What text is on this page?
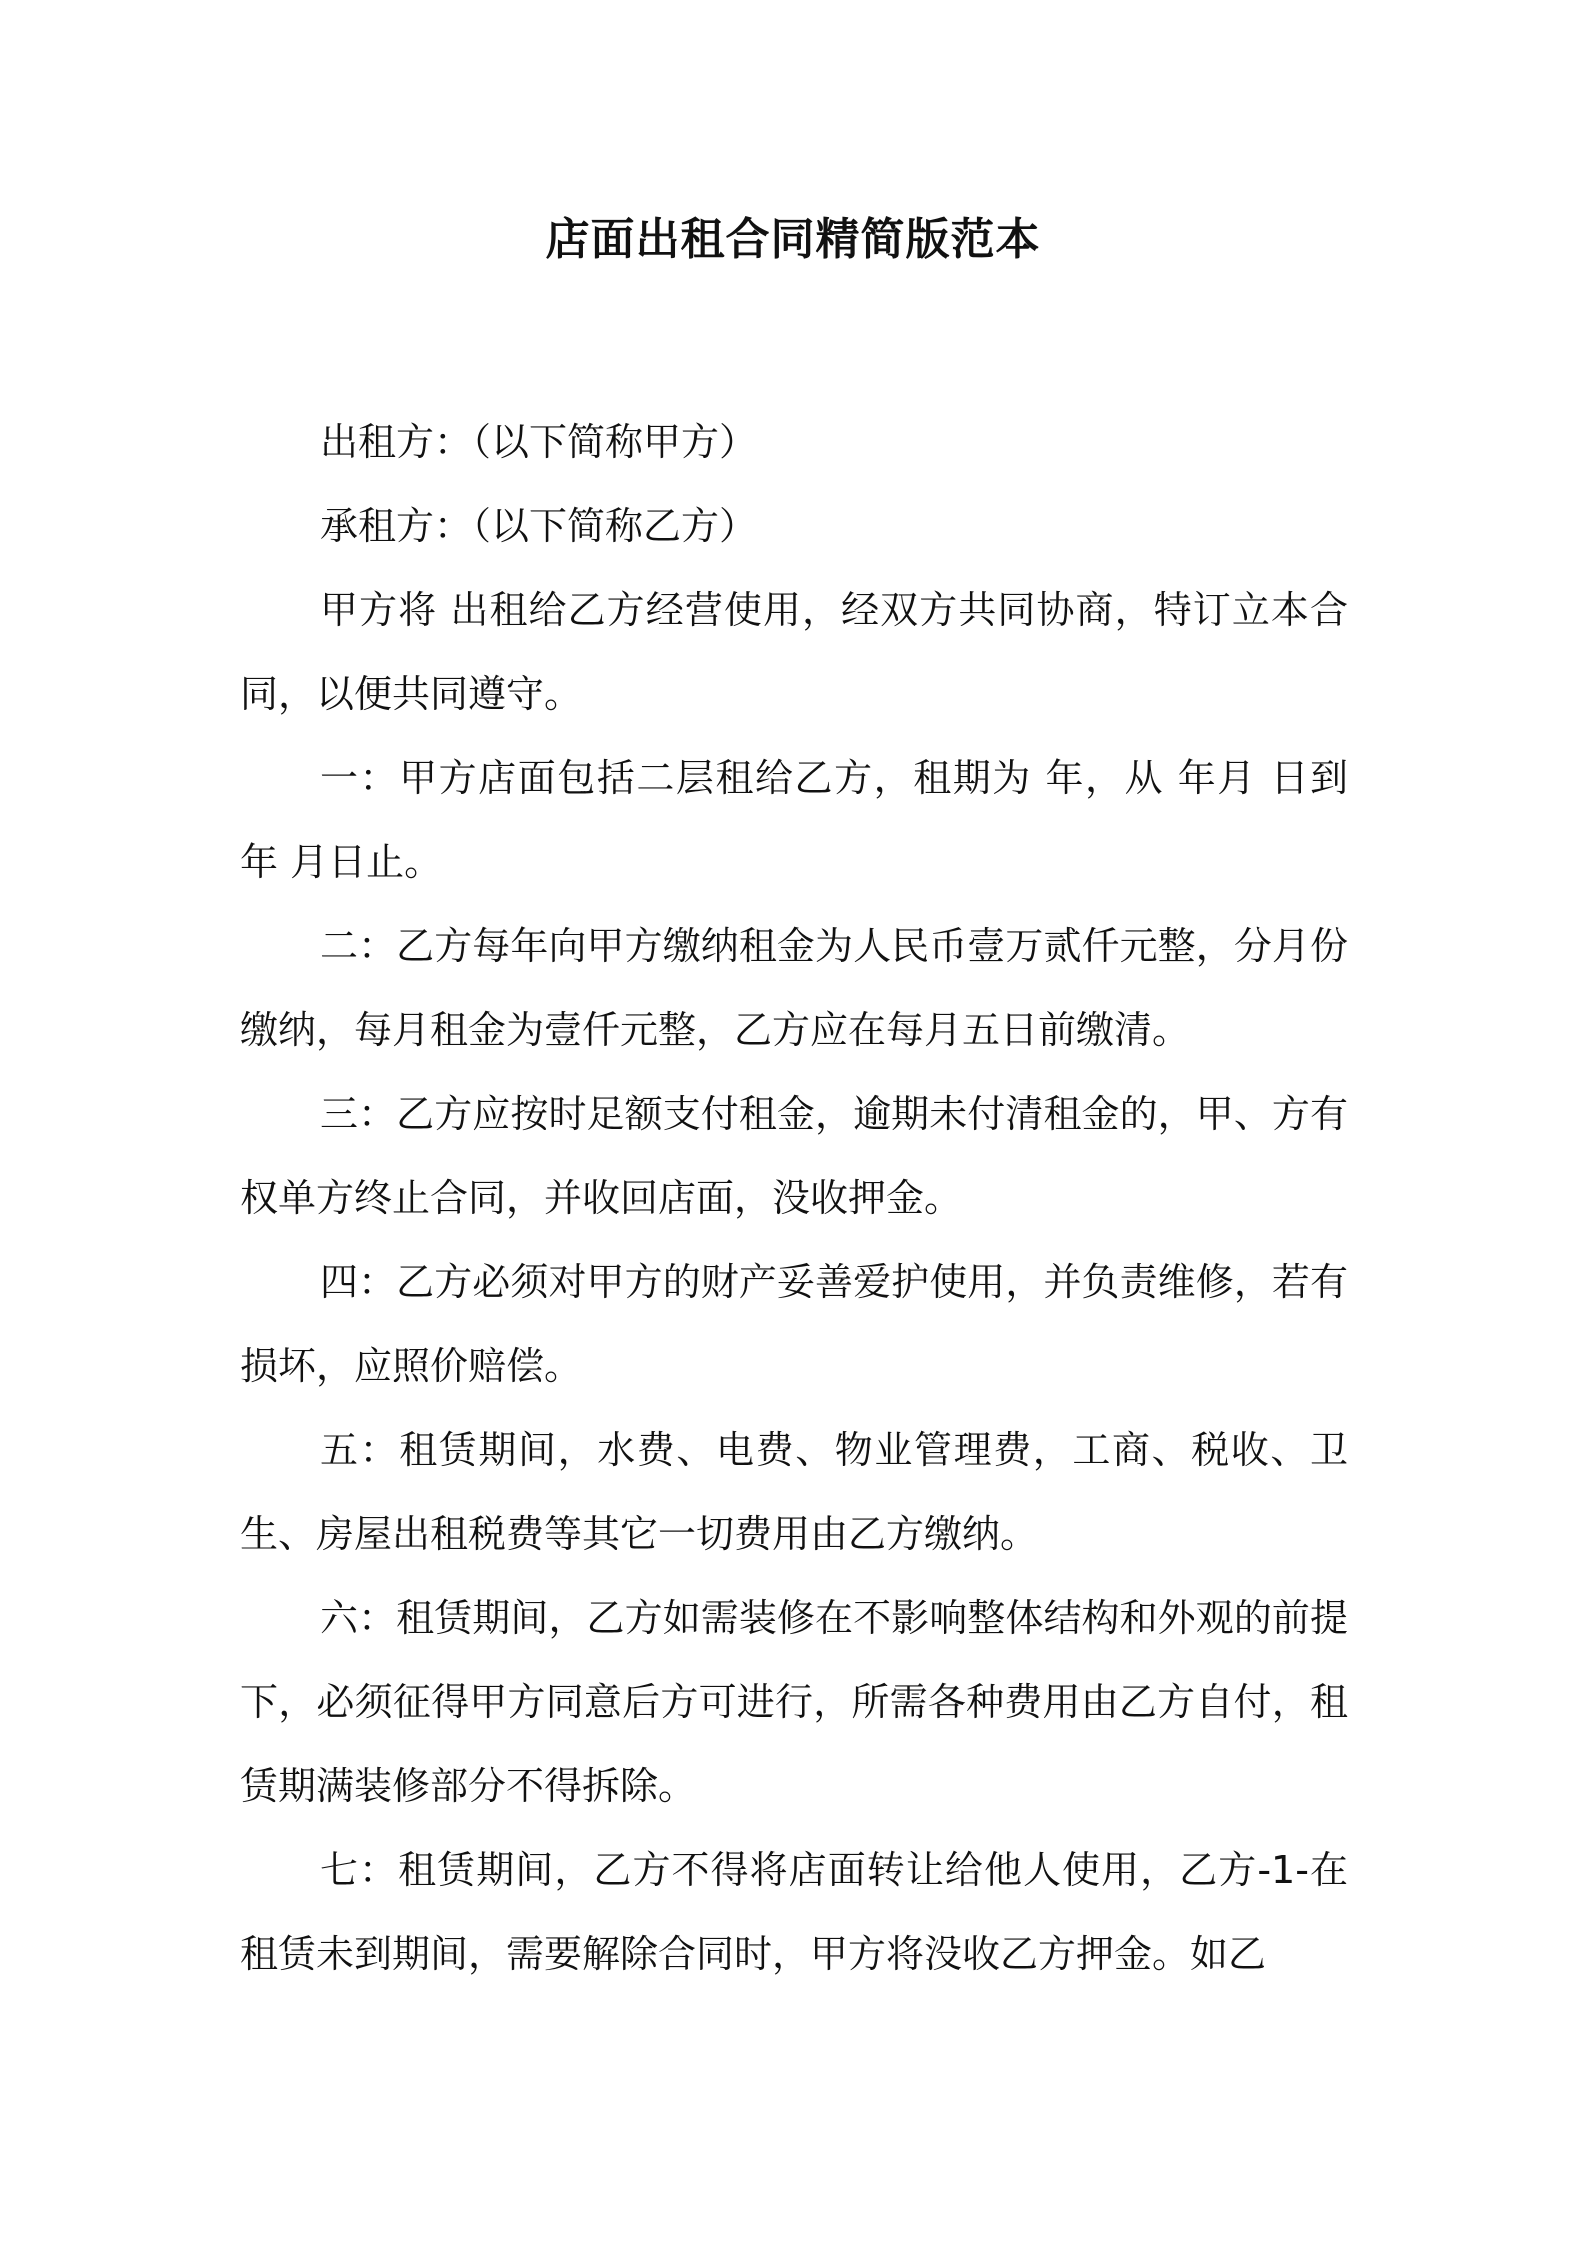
店面出租合同精简版范本

出租方：（以下简称甲方）

承租方：（以下简称乙方）

甲方将 出租给乙方经营使用，经双方共同协商，特订立本合同，以便共同遵守。

一：甲方店面包括二层租给乙方，租期为 年，从 年月 日到 年 月日止。

二：乙方每年向甲方缴纳租金为人民币壹万贰仟元整，分月份缴纳，每月租金为壹仟元整，乙方应在每月五日前缴清。

三：乙方应按时足额支付租金，逾期未付清租金的，甲、方有权单方终止合同，并收回店面，没收押金。

四：乙方必须对甲方的财产妥善爱护使用，并负责维修，若有损坏，应照价赔偿。

五：租赁期间，水费、电费、物业管理费，工商、税收、卫生、房屋出租税费等其它一切费用由乙方缴纳。

六：租赁期间，乙方如需装修在不影响整体结构和外观的前提下，必须征得甲方同意后方可进行，所需各种费用由乙方自付，租赁期满装修部分不得拆除。

七：租赁期间，乙方不得将店面转让给他人使用，乙方-1-在租赁未到期间，需要解除合同时，甲方将没收乙方押金。如乙
